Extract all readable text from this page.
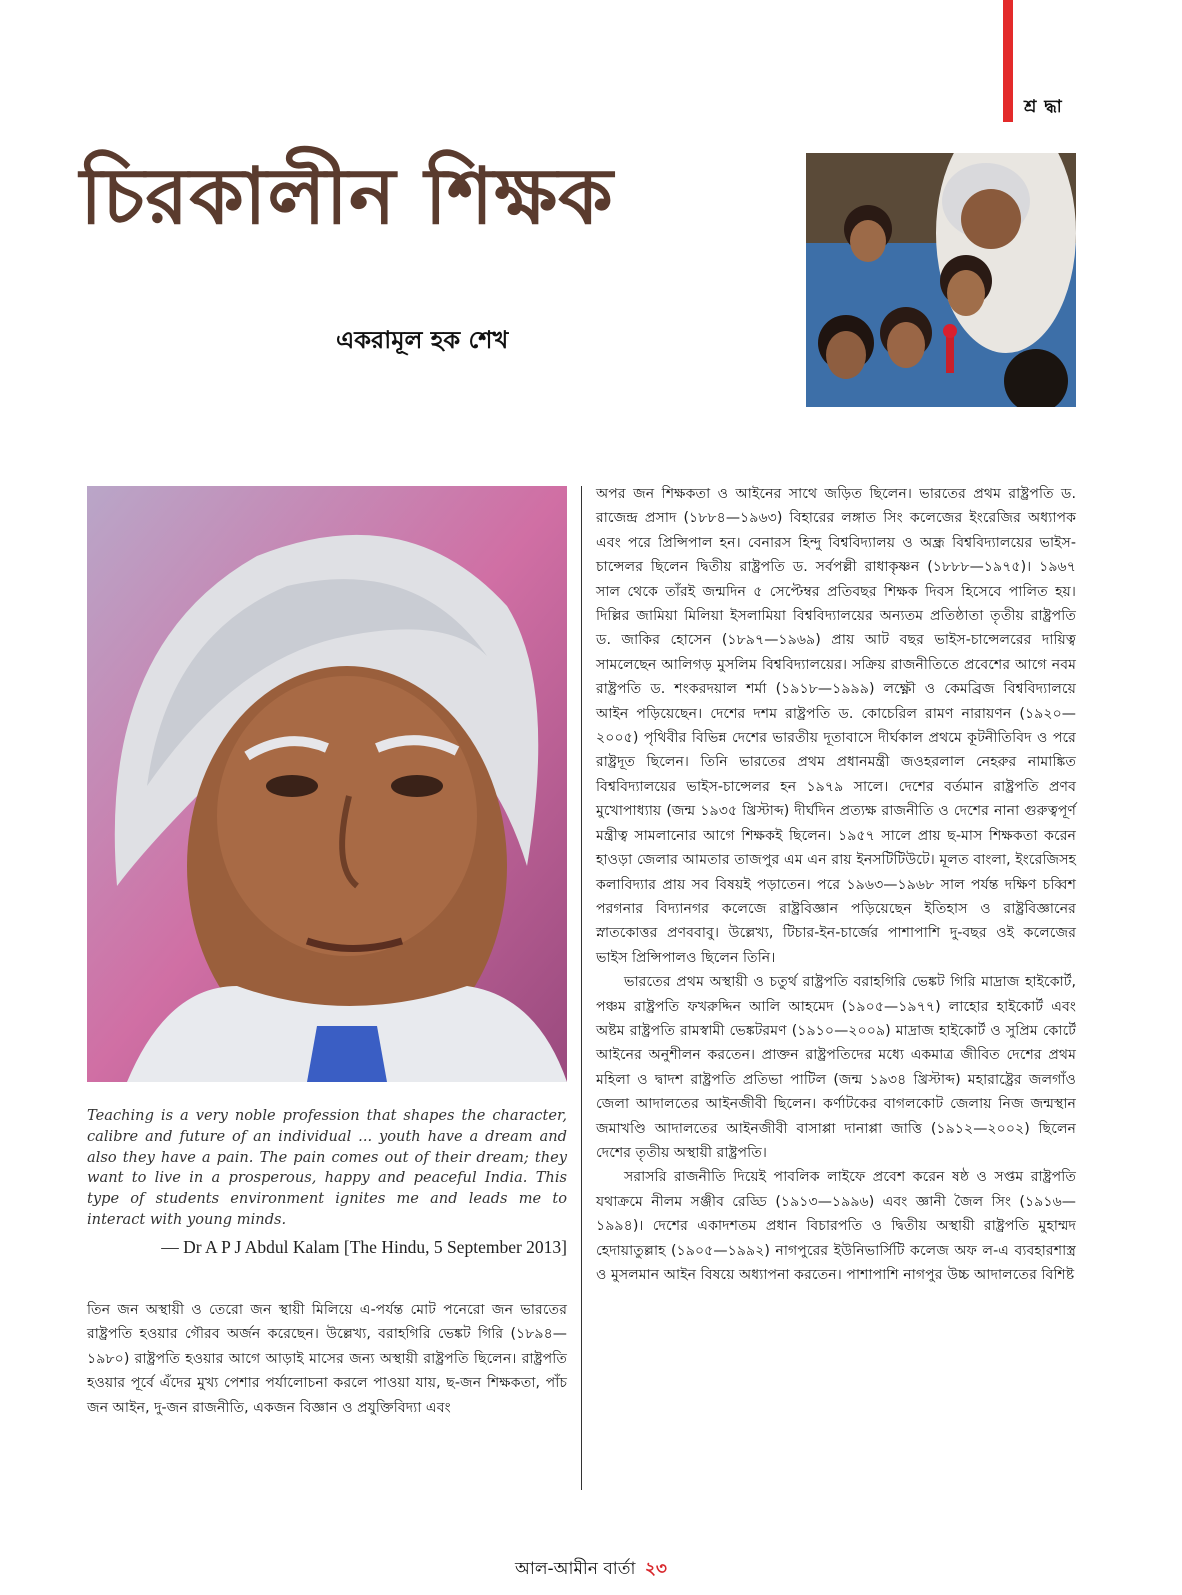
শ্র দ্ধা
চিরকালীন শিক্ষক
একরামূল হক শেখ
Teaching is a very noble profession that shapes the character, calibre and future of an individual ... youth have a dream and also they have a pain. The pain comes out of their dream; they want to live in a prosperous, happy and peaceful India. This type of students environment ignites me and leads me to interact with young minds.
— Dr A P J Abdul Kalam [The Hindu, 5 September 2013]

তিন জন অস্থায়ী ও তেরো জন স্থায়ী মিলিয়ে এ-পর্যন্ত মোট পনেরো জন ভারতের রাষ্ট্রপতি হওয়ার গৌরব অর্জন করেছেন। উল্লেখ্য, বরাহগিরি ভেঙ্কট গিরি (১৮৯৪—১৯৮০) রাষ্ট্রপতি হওয়ার আগে আড়াই মাসের জন্য অস্থায়ী রাষ্ট্রপতি ছিলেন। রাষ্ট্রপতি হওয়ার পূর্বে এঁদের মুখ্য পেশার পর্যালোচনা করলে পাওয়া যায়, ছ-জন শিক্ষকতা, পাঁচ জন আইন, দু-জন রাজনীতি, একজন বিজ্ঞান ও প্রযুক্তিবিদ্যা এবং

অপর জন শিক্ষকতা ও আইনের সাথে জড়িত ছিলেন। ভারতের প্রথম রাষ্ট্রপতি ড. রাজেন্দ্র প্রসাদ (১৮৮৪—১৯৬৩) বিহারের লঙ্গাত সিং কলেজের ইংরেজির অধ্যাপক এবং পরে প্রিন্সিপাল হন। বেনারস হিন্দু বিশ্ববিদ্যালয় ও অন্ধ্র বিশ্ববিদ্যালয়ের ভাইস-চান্সেলর ছিলেন দ্বিতীয় রাষ্ট্রপতি ড. সর্বপল্লী রাধাকৃষ্ণন (১৮৮৮—১৯৭৫)। ১৯৬৭ সাল থেকে তাঁরই জন্মদিন ৫ সেপ্টেম্বর প্রতিবছর শিক্ষক দিবস হিসেবে পালিত হয়। দিল্লির জামিয়া মিলিয়া ইসলামিয়া বিশ্ববিদ্যালয়ের অন্যতম প্রতিষ্ঠাতা তৃতীয় রাষ্ট্রপতি ড. জাকির হোসেন (১৮৯৭—১৯৬৯) প্রায় আট বছর ভাইস-চান্সেলরের দায়িত্ব সামলেছেন আলিগড় মুসলিম বিশ্ববিদ্যালয়ের। সক্রিয় রাজনীতিতে প্রবেশের আগে নবম রাষ্ট্রপতি ড. শংকরদয়াল শর্মা (১৯১৮—১৯৯৯) লক্ষ্ণৌ ও কেমব্রিজ বিশ্ববিদ্যালয়ে আইন পড়িয়েছেন। দেশের দশম রাষ্ট্রপতি ড. কোচেরিল রামণ নারায়ণন (১৯২০—২০০৫) পৃথিবীর বিভিন্ন দেশের ভারতীয় দূতাবাসে দীর্ঘকাল প্রথমে কূটনীতিবিদ ও পরে রাষ্ট্রদূত ছিলেন। তিনি ভারতের প্রথম প্রধানমন্ত্রী জওহরলাল নেহরুর নামাঙ্কিত বিশ্ববিদ্যালয়ের ভাইস-চান্সেলর হন ১৯৭৯ সালে। দেশের বর্তমান রাষ্ট্রপতি প্রণব মুখোপাধ্যায় (জন্ম ১৯৩৫ খ্রিস্টাব্দ) দীর্ঘদিন প্রত্যক্ষ রাজনীতি ও দেশের নানা গুরুত্বপূর্ণ মন্ত্রীত্ব সামলানোর আগে শিক্ষকই ছিলেন। ১৯৫৭ সালে প্রায় ছ-মাস শিক্ষকতা করেন হাওড়া জেলার আমতার তাজপুর এম এন রায় ইনসটিটিউটে। মূলত বাংলা, ইংরেজিসহ কলাবিদ্যার প্রায় সব বিষয়ই পড়াতেন। পরে ১৯৬৩—১৯৬৮ সাল পর্যন্ত দক্ষিণ চব্বিশ পরগনার বিদ্যানগর কলেজে রাষ্ট্রবিজ্ঞান পড়িয়েছেন ইতিহাস ও রাষ্ট্রবিজ্ঞানের স্নাতকোত্তর প্রণববাবু। উল্লেখ্য, টিচার-ইন-চার্জের পাশাপাশি দু-বছর ওই কলেজের ভাইস প্রিন্সিপালও ছিলেন তিনি।

ভারতের প্রথম অস্থায়ী ও চতুর্থ রাষ্ট্রপতি বরাহগিরি ভেঙ্কট গিরি মাদ্রাজ হাইকোর্ট, পঞ্চম রাষ্ট্রপতি ফখরুদ্দিন আলি আহমেদ (১৯০৫—১৯৭৭) লাহোর হাইকোর্ট এবং অষ্টম রাষ্ট্রপতি রামস্বামী ভেঙ্কটরমণ (১৯১০—২০০৯) মাদ্রাজ হাইকোর্ট ও সুপ্রিম কোর্টে আইনের অনুশীলন করতেন। প্রাক্তন রাষ্ট্রপতিদের মধ্যে একমাত্র জীবিত দেশের প্রথম মহিলা ও দ্বাদশ রাষ্ট্রপতি প্রতিভা পাটিল (জন্ম ১৯৩৪ খ্রিস্টাব্দ) মহারাষ্ট্রের জলগাঁও জেলা আদালতের আইনজীবী ছিলেন। কর্ণাটকের বাগলকোট জেলায় নিজ জন্মস্থান জমাখণ্ডি আদালতের আইনজীবী বাসাপ্পা দানাপ্পা জাত্তি (১৯১২—২০০২) ছিলেন দেশের তৃতীয় অস্থায়ী রাষ্ট্রপতি।

সরাসরি রাজনীতি দিয়েই পাবলিক লাইফে প্রবেশ করেন ষষ্ঠ ও সপ্তম রাষ্ট্রপতি যথাক্রমে নীলম সঞ্জীব রেড্ডি (১৯১৩—১৯৯৬) এবং জ্ঞানী জৈল সিং (১৯১৬—১৯৯৪)। দেশের একাদশতম প্রধান বিচারপতি ও দ্বিতীয় অস্থায়ী রাষ্ট্রপতি মুহাম্মদ হেদায়াতুল্লাহ (১৯০৫—১৯৯২) নাগপুরের ইউনিভার্সিটি কলেজ অফ ল-এ ব্যবহারশাস্ত্র ও মুসলমান আইন বিষয়ে অধ্যাপনা করতেন। পাশাপাশি নাগপুর উচ্চ আদালতের বিশিষ্ট

আল-আমীন বার্তা ২৩
